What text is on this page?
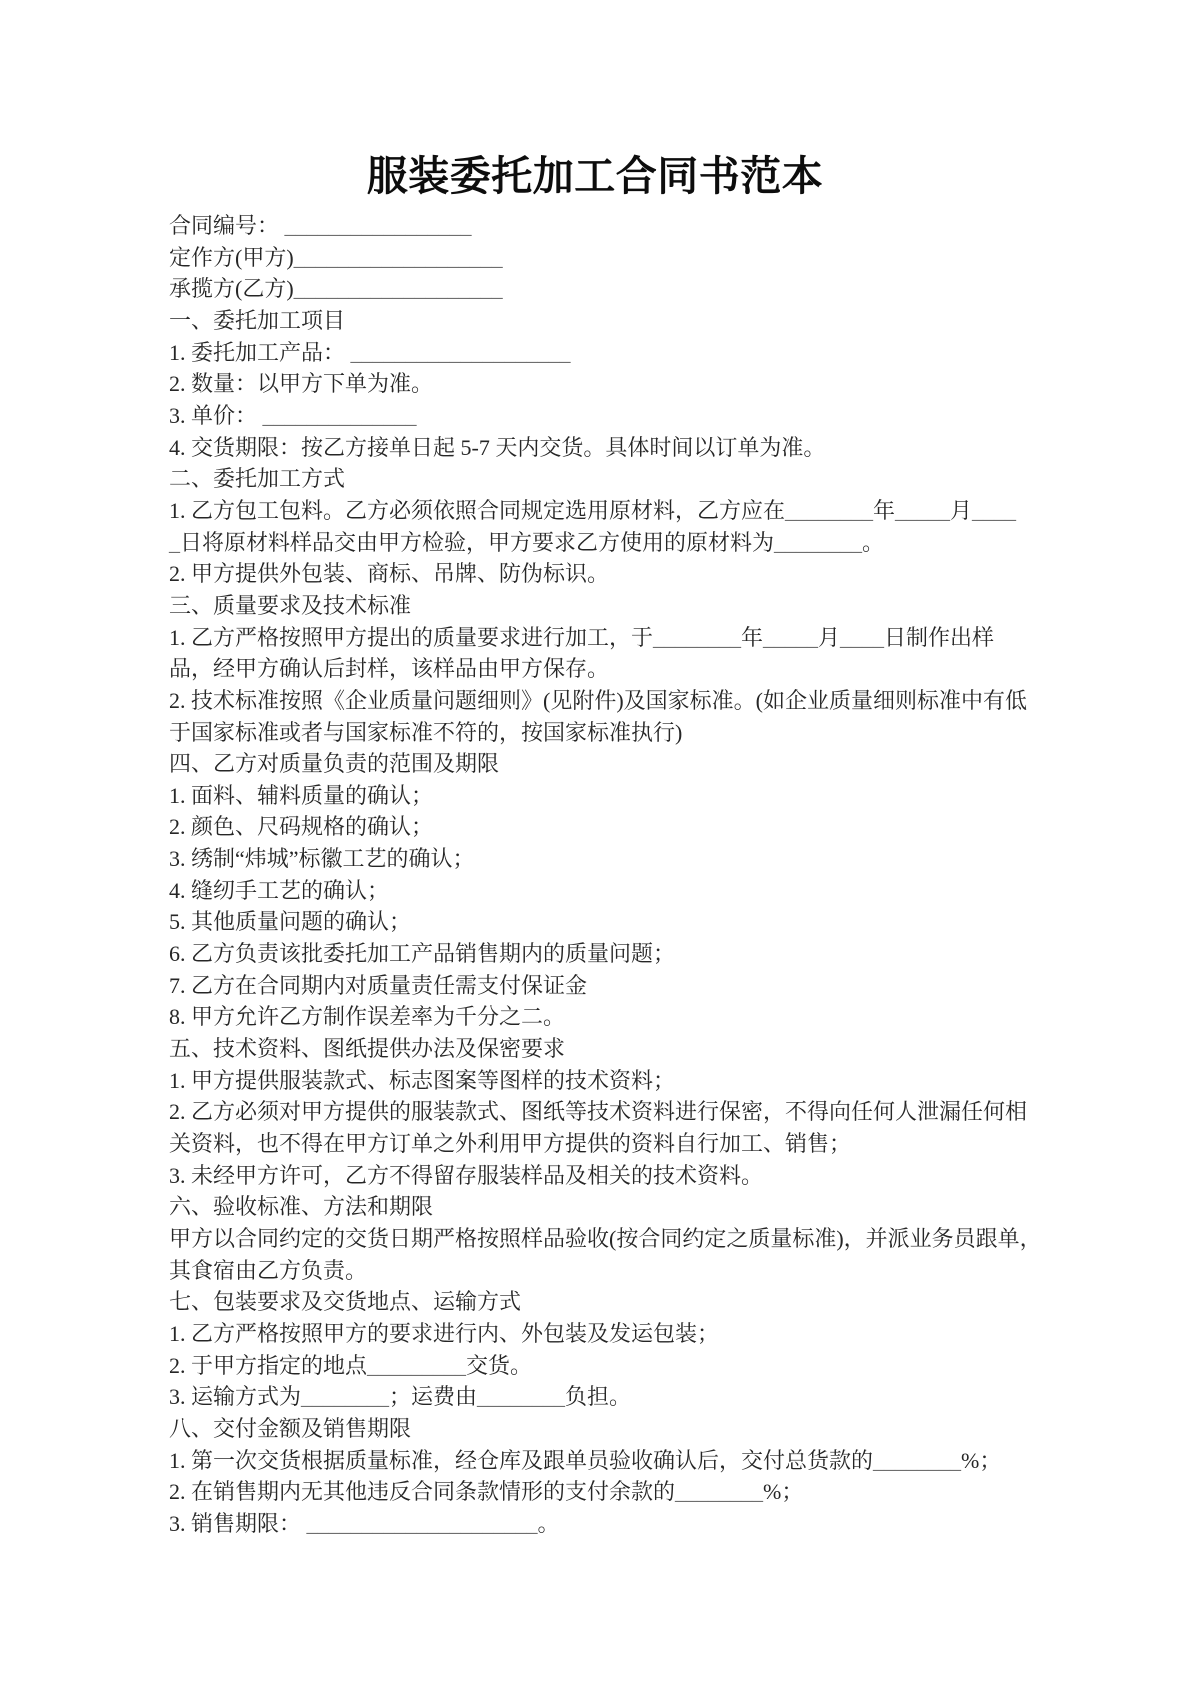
服装委托加工合同书范本
合同编号： _________________
定作方(甲方)___________________
承揽方(乙方)___________________
一、委托加工项目
1. 委托加工产品： ____________________
2. 数量：以甲方下单为准。
3. 单价： ______________
4. 交货期限：按乙方接单日起 5-7 天内交货。具体时间以订单为准。
二、委托加工方式
1. 乙方包工包料。乙方必须依照合同规定选用原材料，乙方应在________年_____月____
_日将原材料样品交由甲方检验，甲方要求乙方使用的原材料为________。
2. 甲方提供外包装、商标、吊牌、防伪标识。
三、质量要求及技术标准
1. 乙方严格按照甲方提出的质量要求进行加工，于________年_____月____日制作出样
品，经甲方确认后封样，该样品由甲方保存。
2. 技术标准按照《企业质量问题细则》(见附件)及国家标准。(如企业质量细则标准中有低
于国家标准或者与国家标准不符的，按国家标准执行)
四、乙方对质量负责的范围及期限
1. 面料、辅料质量的确认；
2. 颜色、尺码规格的确认；
3. 绣制“炜城”标徽工艺的确认；
4. 缝纫手工艺的确认；
5. 其他质量问题的确认；
6. 乙方负责该批委托加工产品销售期内的质量问题；
7. 乙方在合同期内对质量责任需支付保证金
8. 甲方允许乙方制作误差率为千分之二。
五、技术资料、图纸提供办法及保密要求
1. 甲方提供服装款式、标志图案等图样的技术资料；
2. 乙方必须对甲方提供的服装款式、图纸等技术资料进行保密，不得向任何人泄漏任何相
关资料，也不得在甲方订单之外利用甲方提供的资料自行加工、销售；
3. 未经甲方许可，乙方不得留存服装样品及相关的技术资料。
六、验收标准、方法和期限
甲方以合同约定的交货日期严格按照样品验收(按合同约定之质量标准)，并派业务员跟单，
其食宿由乙方负责。
七、包装要求及交货地点、运输方式
1. 乙方严格按照甲方的要求进行内、外包装及发运包装；
2. 于甲方指定的地点_________交货。
3. 运输方式为________；运费由________负担。
八、交付金额及销售期限
1. 第一次交货根据质量标准，经仓库及跟单员验收确认后，交付总货款的________%；
2. 在销售期内无其他违反合同条款情形的支付余款的________%；
3. 销售期限： _____________________。
